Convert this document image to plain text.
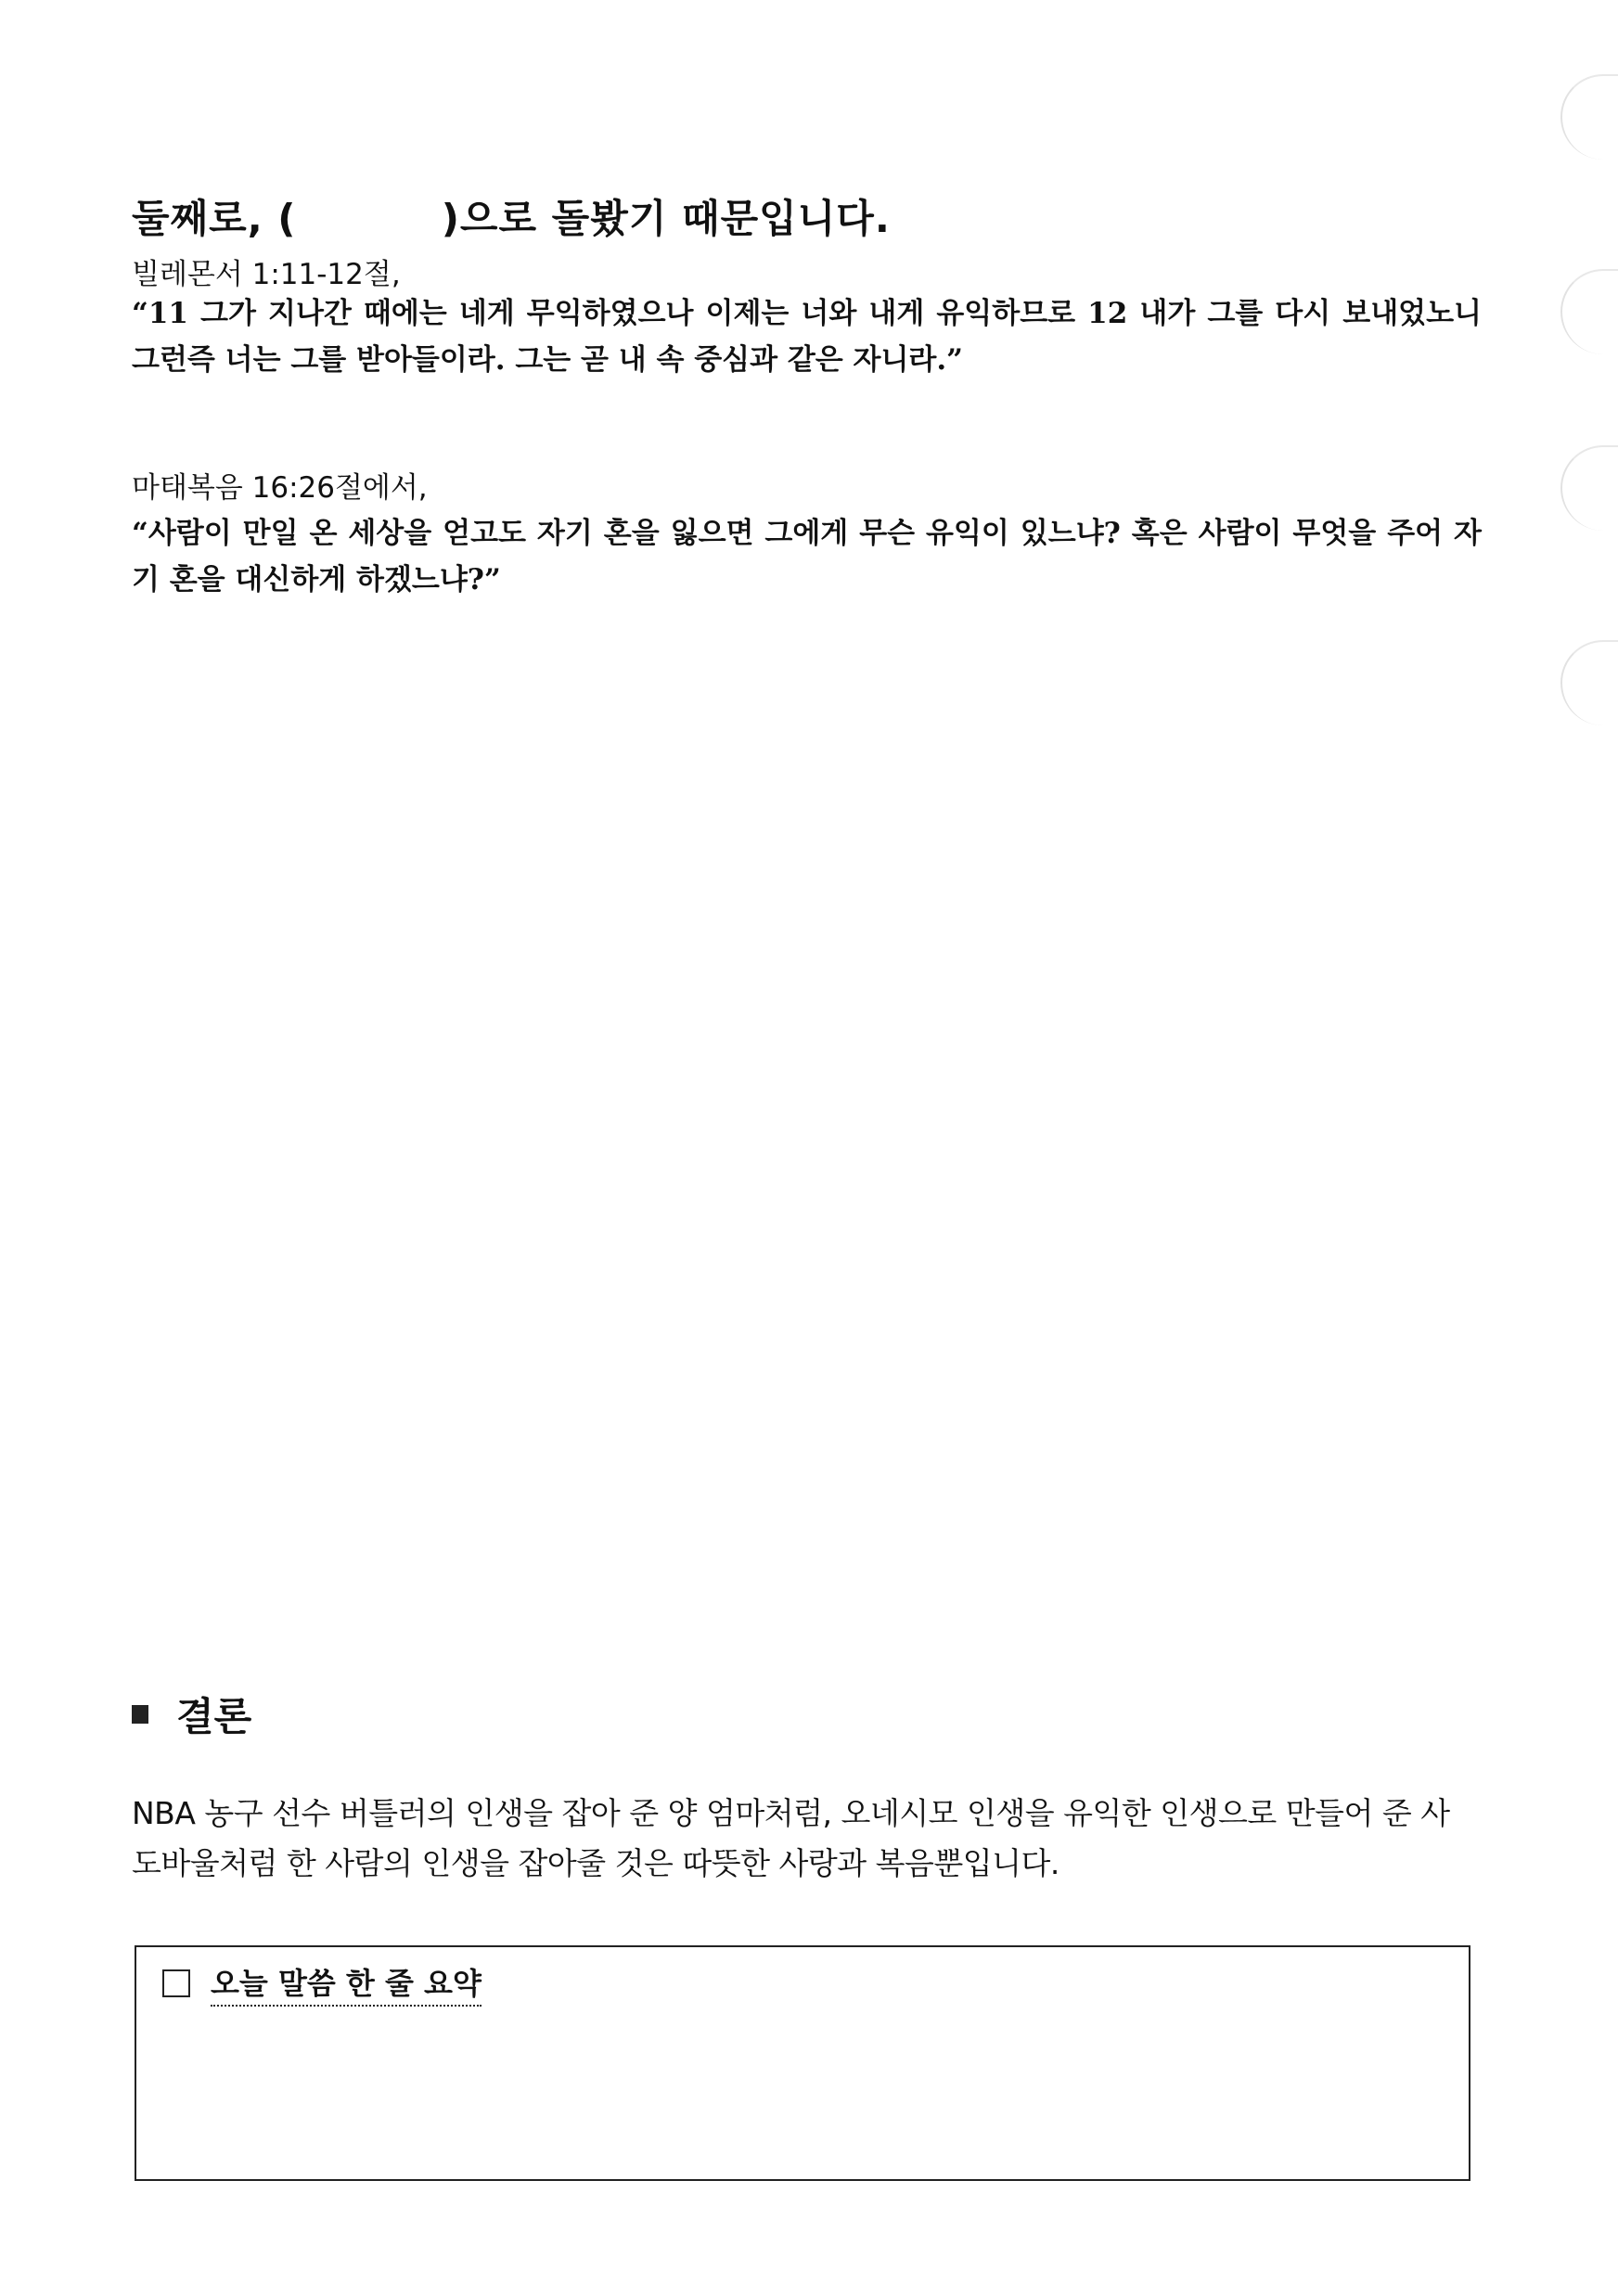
둘째로, (          )으로 돌봤기 때문입니다.
빌레몬서 1:11-12절,
“11 그가 지나간 때에는 네게 무익하였으나 이제는 너와 내게 유익하므로 12 내가 그를 다시 보내었노니 그런즉 너는 그를 받아들이라. 그는 곧 내 속 중심과 같은 자니라.”
마태복음 16:26절에서,
“사람이 만일 온 세상을 얻고도 자기 혼을 잃으면 그에게 무슨 유익이 있느냐? 혹은 사람이 무엇을 주어 자기 혼을 대신하게 하겠느냐?”
결론
NBA 농구 선수 버틀러의 인생을 잡아 준 양 엄마처럼, 오네시모 인생을 유익한 인생으로 만들어 준 사도바울처럼 한 사람의 인생을 잡아줄 것은 따뜻한 사랑과 복음뿐입니다.
오늘 말씀 한 줄 요약
